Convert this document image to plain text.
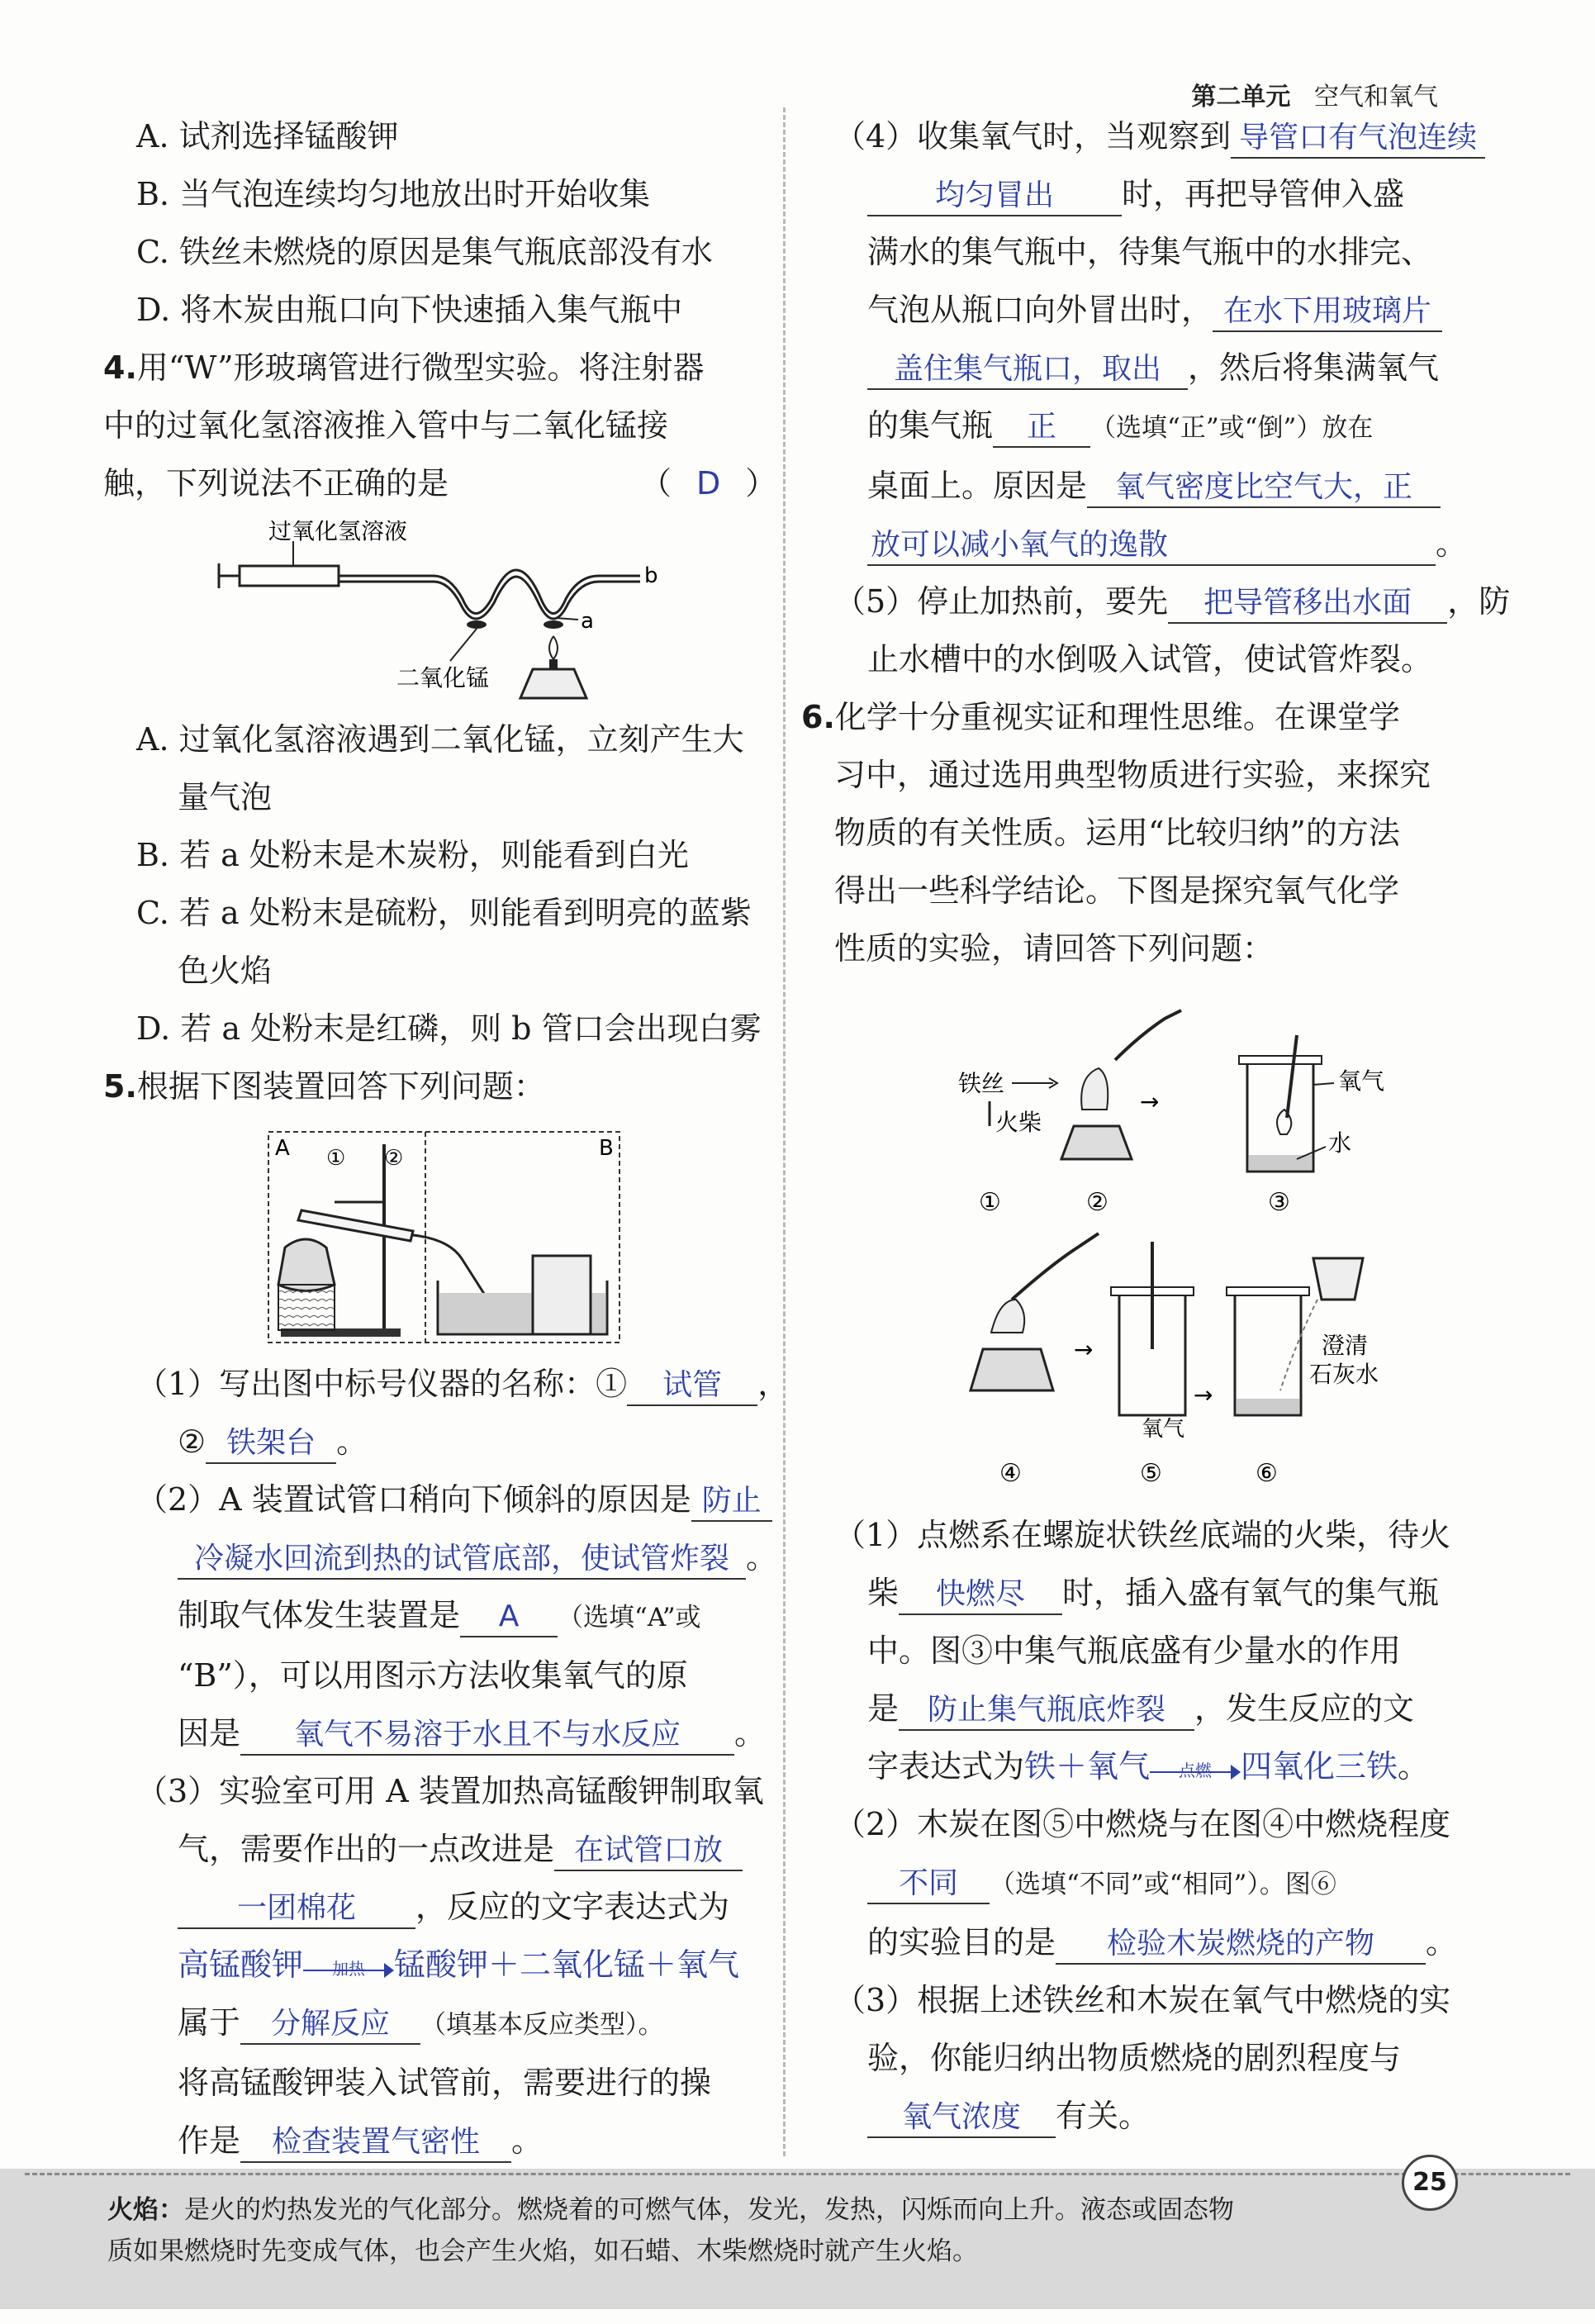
第二单元 空气和氧气

A. 试剂选择锰酸钾

B. 当气泡连续均匀地放出时开始收集

C. 铁丝未燃烧的原因是集气瓶底部没有水

D. 将木炭由瓶口向下快速插入集气瓶中

4.用“W”形玻璃管进行微型实验。将注射器

中的过氧化氢溶液推入管中与二氧化锰接

触，下列说法不正确的是	（ D ）

过氧化氢溶液
b
a
二氧化锰

A. 过氧化氢溶液遇到二氧化锰，立刻产生大

量气泡

B. 若 a 处粉末是木炭粉，则能看到白光

C. 若 a 处粉末是硫粉，则能看到明亮的蓝紫

色火焰

D. 若 a 处粉末是红磷，则 b 管口会出现白雾

5.根据下图装置回答下列问题：

A	B
① ②

（1）写出图中标号仪器的名称：① 试管 ，

② 铁架台 。

（2）A 装置试管口稍向下倾斜的原因是 防止

冷凝水回流到热的试管底部，使试管炸裂 。

制取气体发生装置是 A （选填“A”或

“B”），可以用图示方法收集氧气的原

因是 氧气不易溶于水且不与水反应 。

（3）实验室可用 A 装置加热高锰酸钾制取氧

气，需要作出的一点改进是 在试管口放

一团棉花 ，反应的文字表达式为

高锰酸钾	加热 锰酸钾＋二氧化锰＋氧气

属于 分解反应 （填基本反应类型）。

将高锰酸钾装入试管前，需要进行的操

作是 检查装置气密性 。

（4）收集氧气时，当观察到 导管口有气泡连续

均匀冒出 时，再把导管伸入盛

满水的集气瓶中，待集气瓶中的水排完、

气泡从瓶口向外冒出时， 在水下用玻璃片

盖住集气瓶口，取出 ，然后将集满氧气

的集气瓶 正 （选填“正”或“倒”）放在

桌面上。原因是 氧气密度比空气大，正

放可以减小氧气的逸散	。

（5）停止加热前，要先 把导管移出水面 ，防

止水槽中的水倒吸入试管，使试管炸裂。

6.化学十分重视实证和理性思维。在课堂学

习中，通过选用典型物质进行实验，来探究

物质的有关性质。运用“比较归纳”的方法

得出一些科学结论。下图是探究氧气化学

性质的实验，请回答下列问题：

铁丝
火柴
→
氧气
水
①	②	③
→
→
氧气
澄清
石灰水
④	⑤	⑥

（1）点燃系在螺旋状铁丝底端的火柴，待火

柴 快燃尽 时，插入盛有氧气的集气瓶

中。图③中集气瓶底盛有少量水的作用

是 防止集气瓶底炸裂 ，发生反应的文

字表达式为铁＋氧气	点燃 四氧化三铁。

（2）木炭在图⑤中燃烧与在图④中燃烧程度

不同 （选填“不同”或“相同”）。图⑥

的实验目的是 检验木炭燃烧的产物 。

（3）根据上述铁丝和木炭在氧气中燃烧的实

验，你能归纳出物质燃烧的剧烈程度与

氧气浓度 有关。

25
火焰：是火的灼热发光的气化部分。燃烧着的可燃气体，发光，发热，闪烁而向上升。液态或固态物
质如果燃烧时先变成气体，也会产生火焰，如石蜡、木柴燃烧时就产生火焰。
